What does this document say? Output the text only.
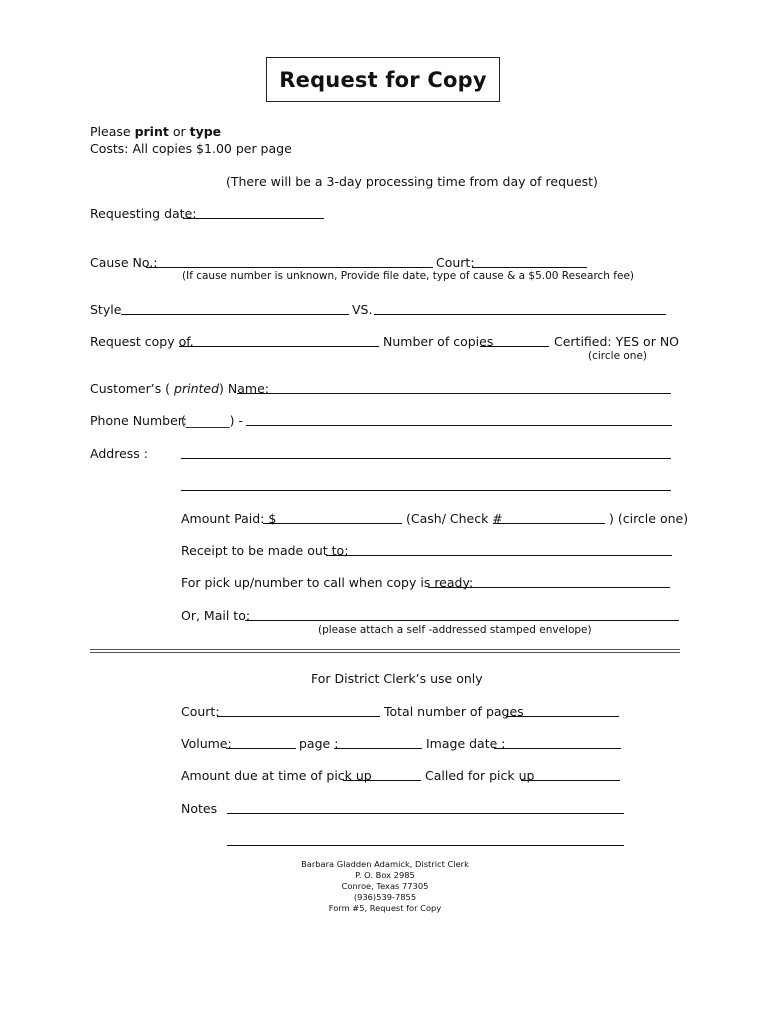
Request for Copy
Please print or type
Costs: All copies $1.00 per page
(There will be a 3-day processing time from day of request)
Requesting date:
Cause No.:	Court:
(If cause number is unknown, Provide file date, type of cause & a $5.00 Research fee)
Style	VS.
Request copy of.	Number of copies	Certified: YES or NO
(circle one)
Customer’s ( printed) Name:
Phone Number:
(_______) -
Address :
Amount Paid: $	(Cash/ Check #	) (circle one)
Receipt to be made out to;
For pick up/number to call when copy is ready:
Or, Mail to:
(please attach a self -addressed stamped envelope)
For District Clerk’s use only
Court:	Total number of pages
Volume:	page :	Image date :
Amount due at time of pick up	Called for pick up
Notes
Barbara Gladden Adamick, District Clerk
P. O. Box 2985
Conroe, Texas 77305
(936)539-7855
Form #5, Request for Copy
